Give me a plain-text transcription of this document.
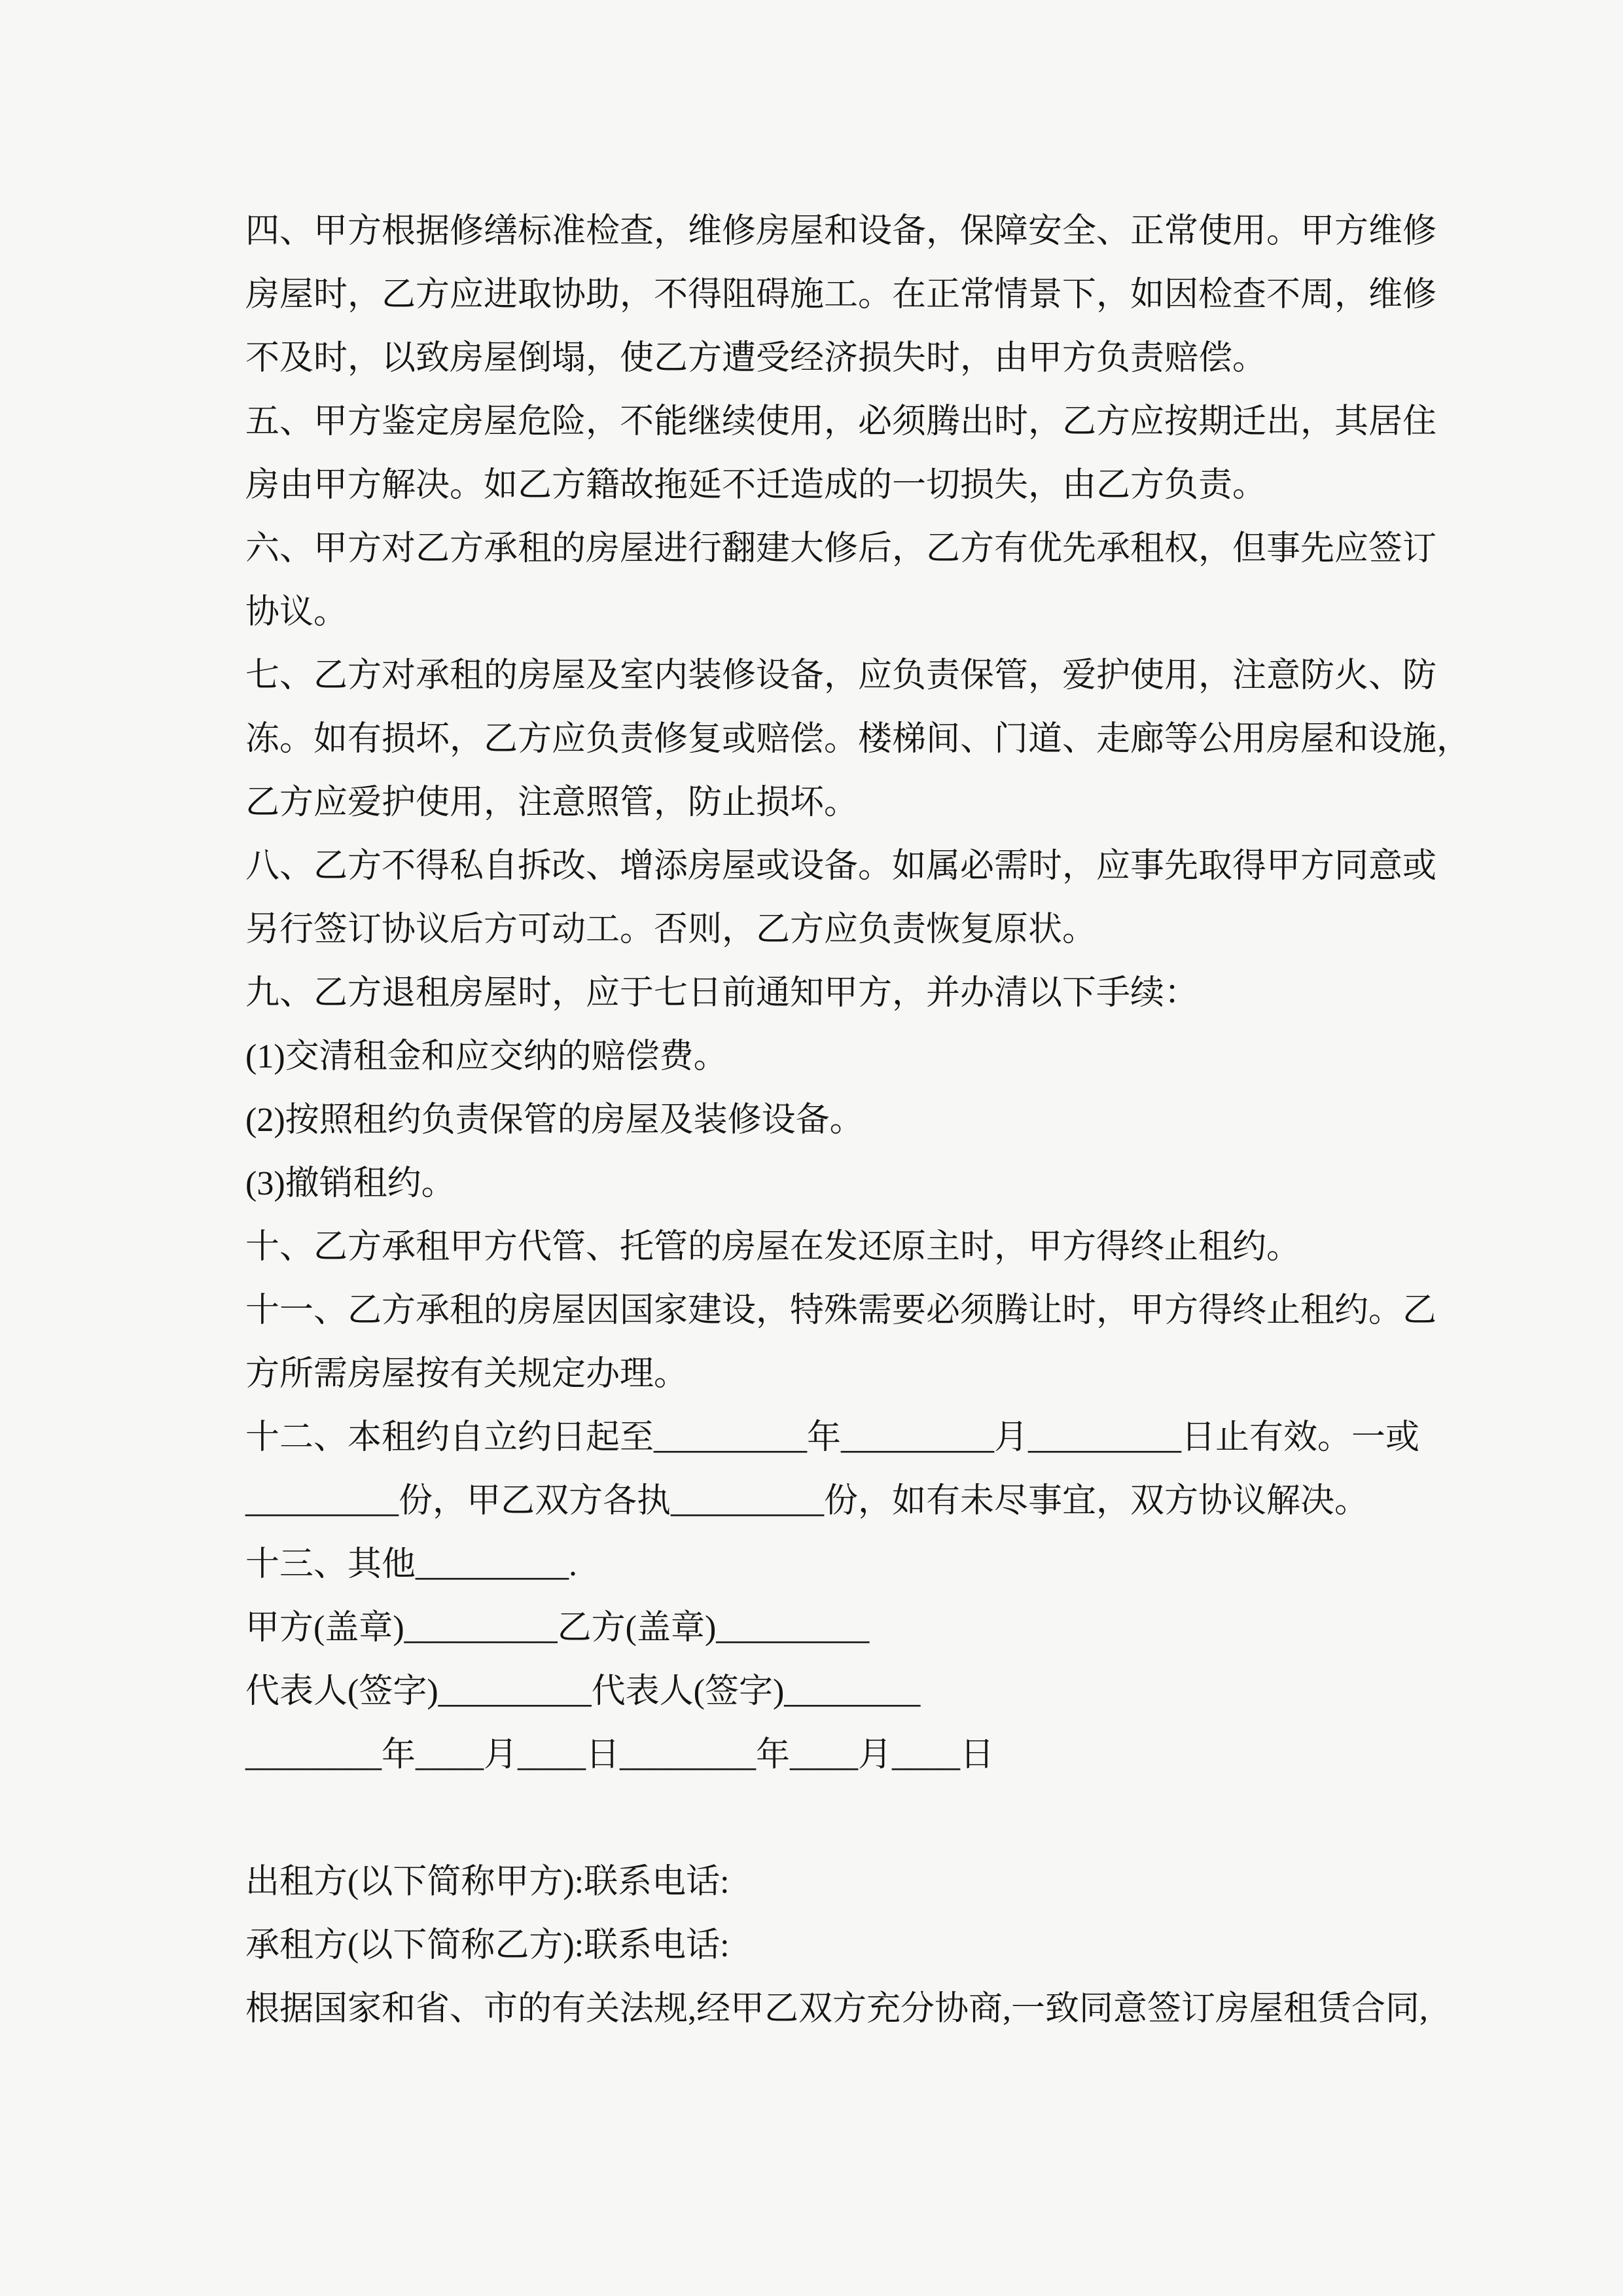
四、甲方根据修缮标准检查，维修房屋和设备，保障安全、正常使用。甲方维修
房屋时，乙方应进取协助，不得阻碍施工。在正常情景下，如因检查不周，维修
不及时，以致房屋倒塌，使乙方遭受经济损失时，由甲方负责赔偿。
五、甲方鉴定房屋危险，不能继续使用，必须腾出时，乙方应按期迁出，其居住
房由甲方解决。如乙方籍故拖延不迁造成的一切损失，由乙方负责。
六、甲方对乙方承租的房屋进行翻建大修后，乙方有优先承租权，但事先应签订
协议。
七、乙方对承租的房屋及室内装修设备，应负责保管，爱护使用，注意防火、防
冻。如有损坏，乙方应负责修复或赔偿。楼梯间、门道、走廊等公用房屋和设施，
乙方应爱护使用，注意照管，防止损坏。
八、乙方不得私自拆改、增添房屋或设备。如属必需时，应事先取得甲方同意或
另行签订协议后方可动工。否则，乙方应负责恢复原状。
九、乙方退租房屋时，应于七日前通知甲方，并办清以下手续：
(1)交清租金和应交纳的赔偿费。
(2)按照租约负责保管的房屋及装修设备。
(3)撤销租约。
十、乙方承租甲方代管、托管的房屋在发还原主时，甲方得终止租约。
十一、乙方承租的房屋因国家建设，特殊需要必须腾让时，甲方得终止租约。乙
方所需房屋按有关规定办理。
十二、本租约自立约日起至_________年_________月_________日止有效。一或
_________份，甲乙双方各执_________份，如有未尽事宜，双方协议解决。
十三、其他_________.
甲方(盖章)_________乙方(盖章)_________
代表人(签字)_________代表人(签字)________
________年____月____日________年____月____日
出租方(以下简称甲方):联系电话:
承租方(以下简称乙方):联系电话:
根据国家和省、市的有关法规,经甲乙双方充分协商,一致同意签订房屋租赁合同,
